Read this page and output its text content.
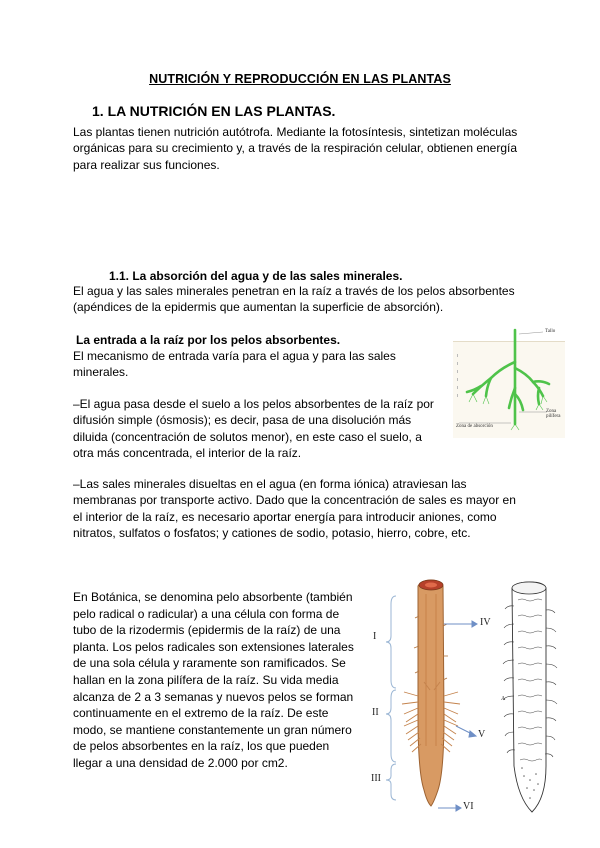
NUTRICIÓN Y REPRODUCCIÓN EN LAS PLANTAS
1. LA NUTRICIÓN EN LAS PLANTAS.
Las plantas tienen nutrición autótrofa. Mediante la fotosíntesis, sintetizan moléculas
orgánicas para su crecimiento y, a través de la respiración celular, obtienen energía
para realizar sus funciones.
1.1. La absorción del agua y de las sales minerales.
El agua y las sales minerales penetran en la raíz a través de los pelos absorbentes
(apéndices de la epidermis que aumentan la superficie de absorción).
La entrada a la raíz por los pelos absorbentes.
El mecanismo de entrada varía para el agua y para las sales
minerales.
–El agua pasa desde el suelo a los pelos absorbentes de la raíz por
difusión simple (ósmosis); es decir, pasa de una disolución más
diluida (concentración de solutos menor), en este caso el suelo, a
otra más concentrada, el interior de la raíz.
–Las sales minerales disueltas en el agua (en forma iónica) atraviesan las
membranas por transporte activo. Dado que la concentración de sales es mayor en
el interior de la raíz, es necesario aportar energía para introducir aniones, como
nitratos, sulfatos o fosfatos; y cationes de sodio, potasio, hierro, cobre, etc.
En Botánica, se denomina pelo absorbente (también
pelo radical o radicular) a una célula con forma de
tubo de la rizodermis (epidermis de la raíz) de una
planta. Los pelos radicales son extensiones laterales
de una sola célula y raramente son ramificados. Se
hallan en la zona pilífera de la raíz. Su vida media
alcanza de 2 a 3 semanas y nuevos pelos se forman
continuamente en el extremo de la raíz. De este
modo, se mantiene constantemente un gran número
de pelos absorbentes en la raíz, los que pueden
llegar a una densidad de 2.000 por cm2.
Tallo
Zona pilífera
Zona de absorción
I
II
III
IV
V
VI
A
